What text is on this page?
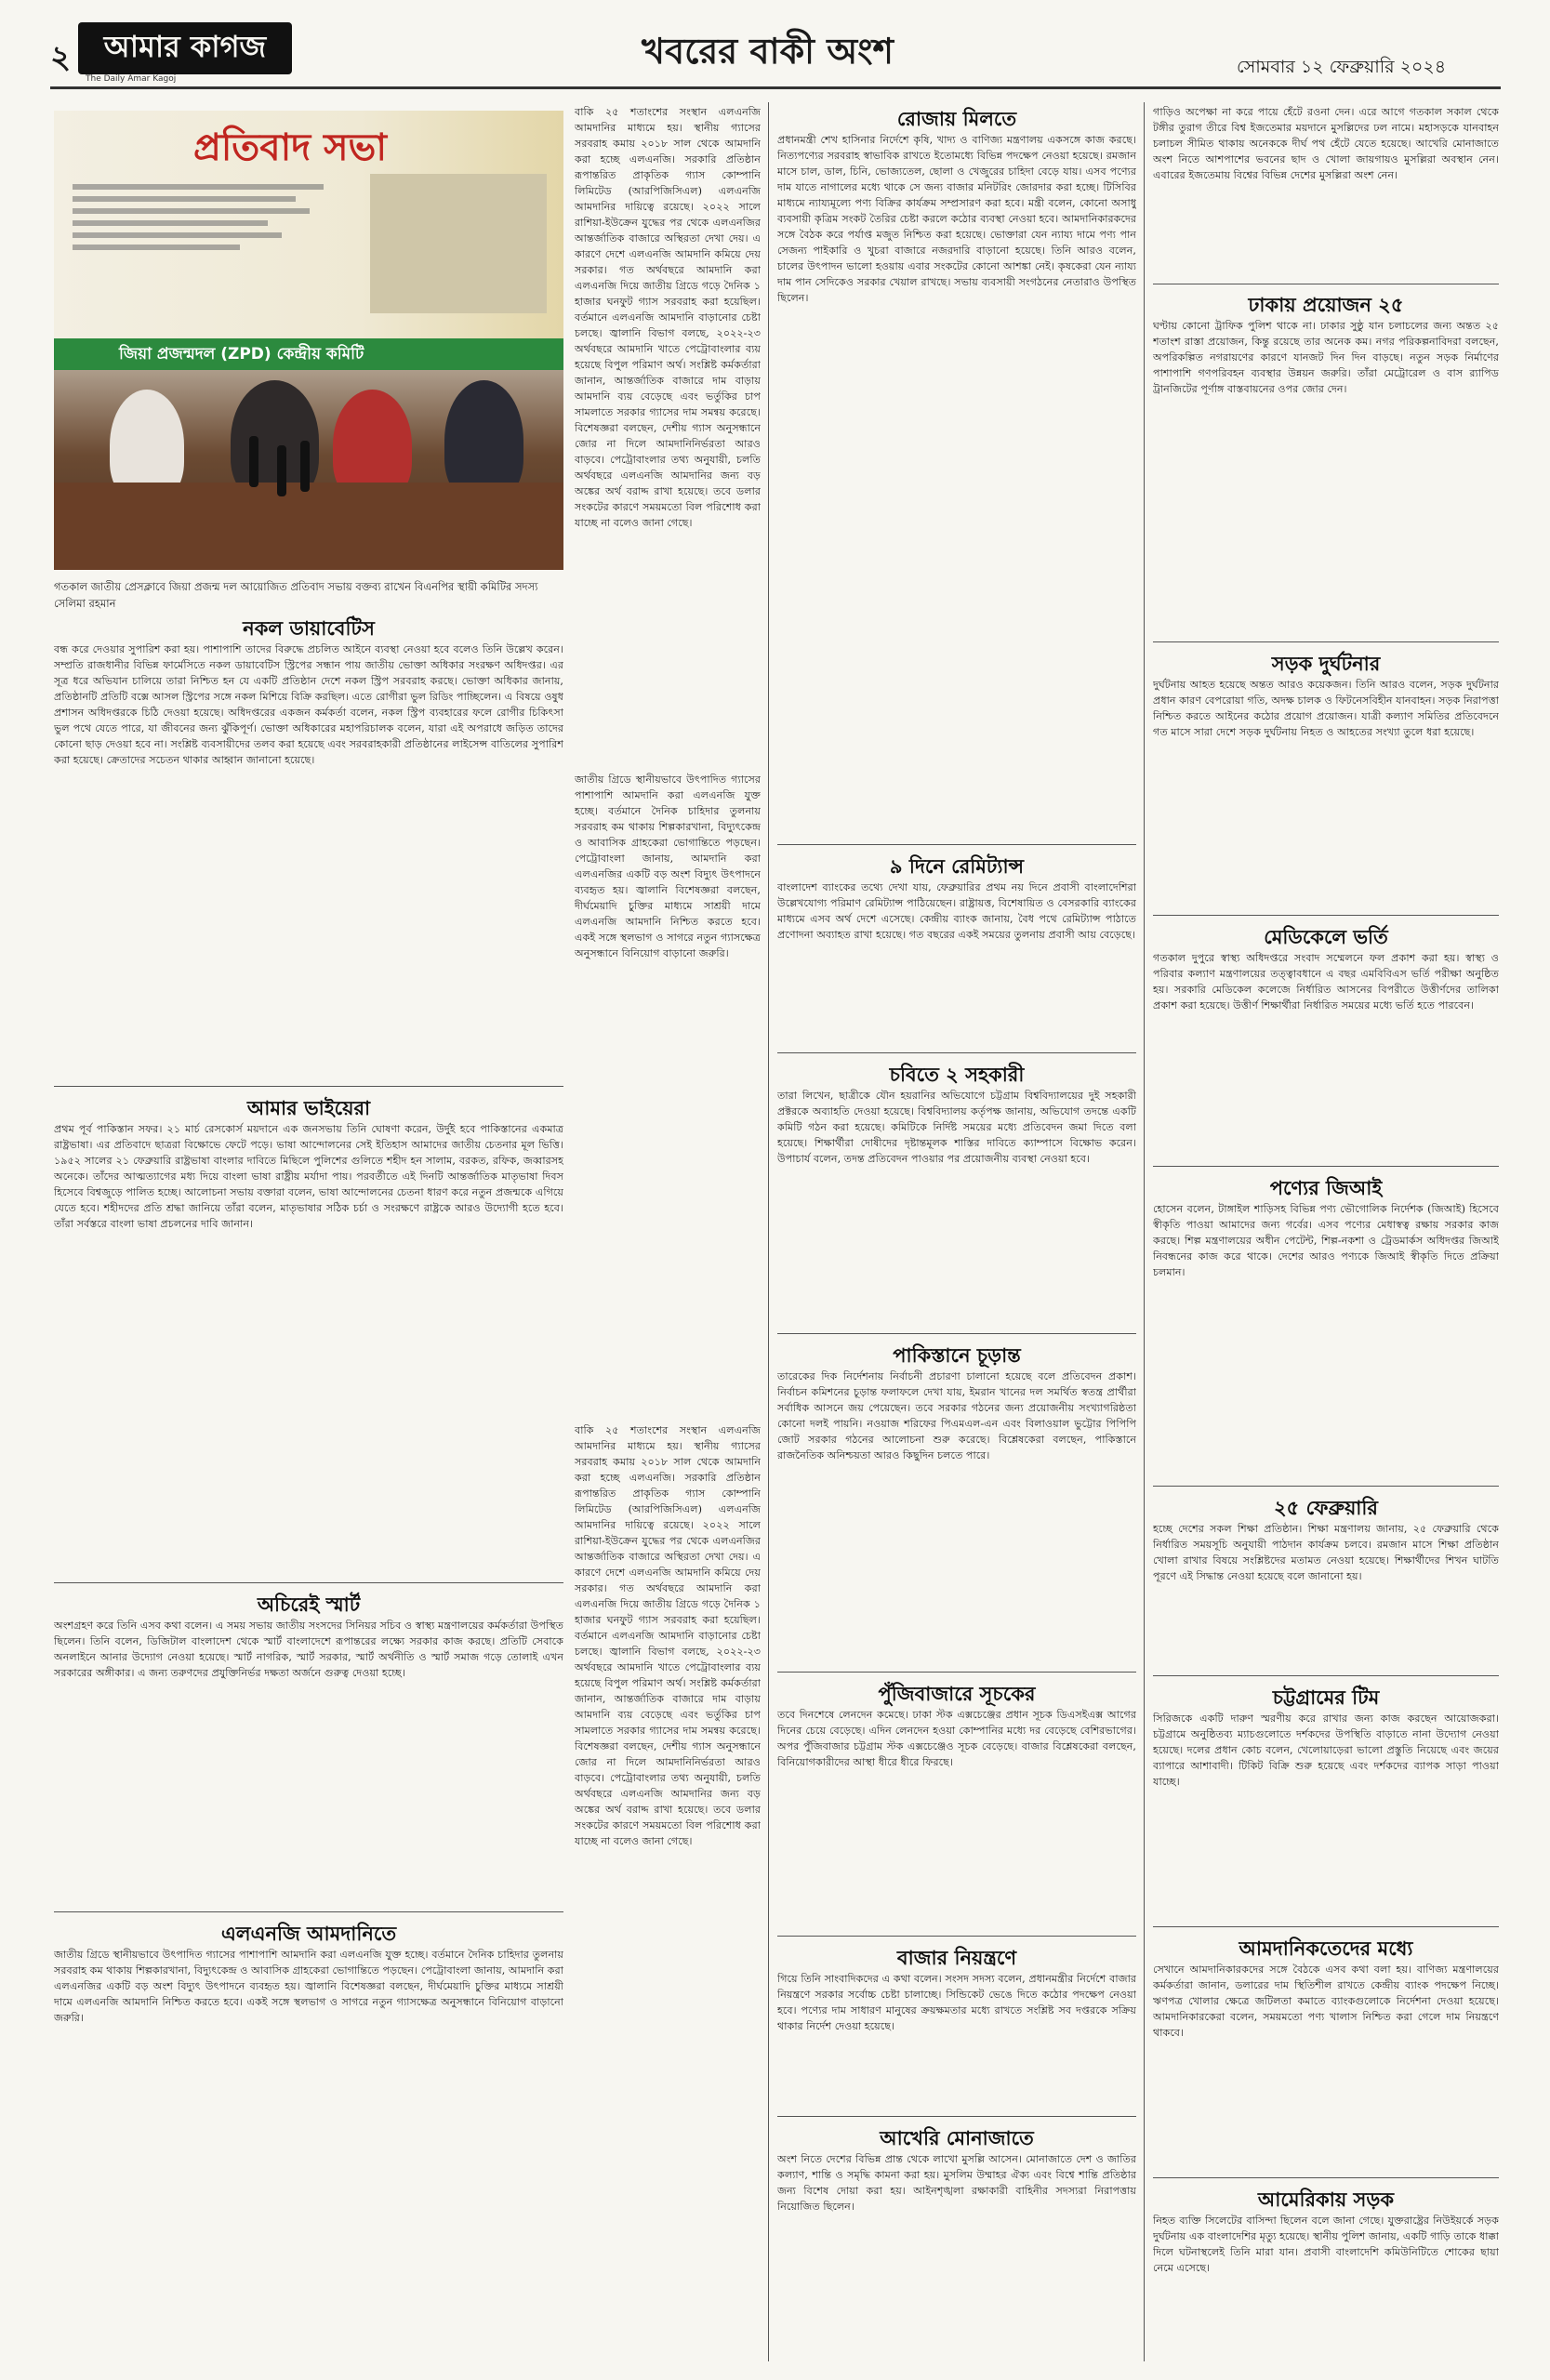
২	আমার কাগজ
The Daily Amar Kagoj
খবরের বাকী অংশ	সোমবার ১২ ফেব্রুয়ারি ২০২৪
প্রতিবাদ সভা
জিয়া প্রজন্মদল (ZPD) কেন্দ্রীয় কমিটি
গতকাল জাতীয় প্রেসক্লাবে জিয়া প্রজন্ম দল আয়োজিত প্রতিবাদ সভায় বক্তব্য রাখেন বিএনপির স্থায়ী কমিটির সদস্য সেলিমা রহমান
বাকি ২৫ শতাংশের সংস্থান এলএনজি আমদানির মাধ্যমে হয়। স্থানীয় গ্যাসের সরবরাহ কমায় ২০১৮ সাল থেকে আমদানি করা হচ্ছে এলএনজি। সরকারি প্রতিষ্ঠান রূপান্তরিত প্রাকৃতিক গ্যাস কোম্পানি লিমিটেড (আরপিজিসিএল) এলএনজি আমদানির দায়িত্বে রয়েছে। ২০২২ সালে রাশিয়া-ইউক্রেন যুদ্ধের পর থেকে এলএনজির আন্তর্জাতিক বাজারে অস্থিরতা দেখা দেয়। এ কারণে দেশে এলএনজি আমদানি কমিয়ে দেয় সরকার। গত অর্থবছরে আমদানি করা এলএনজি দিয়ে জাতীয় গ্রিডে গড়ে দৈনিক ১ হাজার ঘনফুট গ্যাস সরবরাহ করা হয়েছিল। বর্তমানে এলএনজি আমদানি বাড়ানোর চেষ্টা চলছে। জ্বালানি বিভাগ বলছে, ২০২২-২৩ অর্থবছরে আমদানি খাতে পেট্রোবাংলার ব্যয় হয়েছে বিপুল পরিমাণ অর্থ। সংশ্লিষ্ট কর্মকর্তারা জানান, আন্তর্জাতিক বাজারে দাম বাড়ায় আমদানি ব্যয় বেড়েছে এবং ভর্তুকির চাপ সামলাতে সরকার গ্যাসের দাম সমন্বয় করেছে। বিশেষজ্ঞরা বলছেন, দেশীয় গ্যাস অনুসন্ধানে জোর না দিলে আমদানিনির্ভরতা আরও বাড়বে। পেট্রোবাংলার তথ্য অনুযায়ী, চলতি অর্থবছরে এলএনজি আমদানির জন্য বড় অঙ্কের অর্থ বরাদ্দ রাখা হয়েছে। তবে ডলার সংকটের কারণে সময়মতো বিল পরিশোধ করা যাচ্ছে না বলেও জানা গেছে।
নকল ডায়াবেটিস
বন্ধ করে দেওয়ার সুপারিশ করা হয়। পাশাপাশি তাদের বিরুদ্ধে প্রচলিত আইনে ব্যবস্থা নেওয়া হবে বলেও তিনি উল্লেখ করেন। সম্প্রতি রাজধানীর বিভিন্ন ফার্মেসিতে নকল ডায়াবেটিস স্ট্রিপের সন্ধান পায় জাতীয় ভোক্তা অধিকার সংরক্ষণ অধিদপ্তর। এর সূত্র ধরে অভিযান চালিয়ে তারা নিশ্চিত হন যে একটি প্রতিষ্ঠান দেশে নকল স্ট্রিপ সরবরাহ করছে। ভোক্তা অধিকার জানায়, প্রতিষ্ঠানটি প্রতিটি বক্সে আসল স্ট্রিপের সঙ্গে নকল মিশিয়ে বিক্রি করছিল। এতে রোগীরা ভুল রিডিং পাচ্ছিলেন। এ বিষয়ে ওষুধ প্রশাসন অধিদপ্তরকে চিঠি দেওয়া হয়েছে। অধিদপ্তরের একজন কর্মকর্তা বলেন, নকল স্ট্রিপ ব্যবহারের ফলে রোগীর চিকিৎসা ভুল পথে যেতে পারে, যা জীবনের জন্য ঝুঁকিপূর্ণ। ভোক্তা অধিকারের মহাপরিচালক বলেন, যারা এই অপরাধে জড়িত তাদের কোনো ছাড় দেওয়া হবে না। সংশ্লিষ্ট ব্যবসায়ীদের তলব করা হয়েছে এবং সরবরাহকারী প্রতিষ্ঠানের লাইসেন্স বাতিলের সুপারিশ করা হয়েছে। ক্রেতাদের সচেতন থাকার আহ্বান জানানো হয়েছে।
জাতীয় গ্রিডে স্থানীয়ভাবে উৎপাদিত গ্যাসের পাশাপাশি আমদানি করা এলএনজি যুক্ত হচ্ছে। বর্তমানে দৈনিক চাহিদার তুলনায় সরবরাহ কম থাকায় শিল্পকারখানা, বিদ্যুৎকেন্দ্র ও আবাসিক গ্রাহকেরা ভোগান্তিতে পড়ছেন। পেট্রোবাংলা জানায়, আমদানি করা এলএনজির একটি বড় অংশ বিদ্যুৎ উৎপাদনে ব্যবহৃত হয়। জ্বালানি বিশেষজ্ঞরা বলছেন, দীর্ঘমেয়াদি চুক্তির মাধ্যমে সাশ্রয়ী দামে এলএনজি আমদানি নিশ্চিত করতে হবে। একই সঙ্গে স্থলভাগ ও সাগরে নতুন গ্যাসক্ষেত্র অনুসন্ধানে বিনিয়োগ বাড়ানো জরুরি।
আমার ভাইয়েরা
প্রথম পূর্ব পাকিস্তান সফর। ২১ মার্চ রেসকোর্স ময়দানে এক জনসভায় তিনি ঘোষণা করেন, উর্দুই হবে পাকিস্তানের একমাত্র রাষ্ট্রভাষা। এর প্রতিবাদে ছাত্ররা বিক্ষোভে ফেটে পড়ে। ভাষা আন্দোলনের সেই ইতিহাস আমাদের জাতীয় চেতনার মূল ভিত্তি। ১৯৫২ সালের ২১ ফেব্রুয়ারি রাষ্ট্রভাষা বাংলার দাবিতে মিছিলে পুলিশের গুলিতে শহীদ হন সালাম, বরকত, রফিক, জব্বারসহ অনেকে। তাঁদের আত্মত্যাগের মধ্য দিয়ে বাংলা ভাষা রাষ্ট্রীয় মর্যাদা পায়। পরবর্তীতে এই দিনটি আন্তর্জাতিক মাতৃভাষা দিবস হিসেবে বিশ্বজুড়ে পালিত হচ্ছে। আলোচনা সভায় বক্তারা বলেন, ভাষা আন্দোলনের চেতনা ধারণ করে নতুন প্রজন্মকে এগিয়ে যেতে হবে। শহীদদের প্রতি শ্রদ্ধা জানিয়ে তাঁরা বলেন, মাতৃভাষার সঠিক চর্চা ও সংরক্ষণে রাষ্ট্রকে আরও উদ্যোগী হতে হবে। তাঁরা সর্বস্তরে বাংলা ভাষা প্রচলনের দাবি জানান।
অচিরেই স্মার্ট
অংশগ্রহণ করে তিনি এসব কথা বলেন। এ সময় সভায় জাতীয় সংসদের সিনিয়র সচিব ও স্বাস্থ্য মন্ত্রণালয়ের কর্মকর্তারা উপস্থিত ছিলেন। তিনি বলেন, ডিজিটাল বাংলাদেশ থেকে স্মার্ট বাংলাদেশে রূপান্তরের লক্ষ্যে সরকার কাজ করছে। প্রতিটি সেবাকে অনলাইনে আনার উদ্যোগ নেওয়া হয়েছে। স্মার্ট নাগরিক, স্মার্ট সরকার, স্মার্ট অর্থনীতি ও স্মার্ট সমাজ গড়ে তোলাই এখন সরকারের অঙ্গীকার। এ জন্য তরুণদের প্রযুক্তিনির্ভর দক্ষতা অর্জনে গুরুত্ব দেওয়া হচ্ছে।
এলএনজি আমদানিতে
জাতীয় গ্রিডে স্থানীয়ভাবে উৎপাদিত গ্যাসের পাশাপাশি আমদানি করা এলএনজি যুক্ত হচ্ছে। বর্তমানে দৈনিক চাহিদার তুলনায় সরবরাহ কম থাকায় শিল্পকারখানা, বিদ্যুৎকেন্দ্র ও আবাসিক গ্রাহকেরা ভোগান্তিতে পড়ছেন। পেট্রোবাংলা জানায়, আমদানি করা এলএনজির একটি বড় অংশ বিদ্যুৎ উৎপাদনে ব্যবহৃত হয়। জ্বালানি বিশেষজ্ঞরা বলছেন, দীর্ঘমেয়াদি চুক্তির মাধ্যমে সাশ্রয়ী দামে এলএনজি আমদানি নিশ্চিত করতে হবে। একই সঙ্গে স্থলভাগ ও সাগরে নতুন গ্যাসক্ষেত্র অনুসন্ধানে বিনিয়োগ বাড়ানো জরুরি।
বাকি ২৫ শতাংশের সংস্থান এলএনজি আমদানির মাধ্যমে হয়। স্থানীয় গ্যাসের সরবরাহ কমায় ২০১৮ সাল থেকে আমদানি করা হচ্ছে এলএনজি। সরকারি প্রতিষ্ঠান রূপান্তরিত প্রাকৃতিক গ্যাস কোম্পানি লিমিটেড (আরপিজিসিএল) এলএনজি আমদানির দায়িত্বে রয়েছে। ২০২২ সালে রাশিয়া-ইউক্রেন যুদ্ধের পর থেকে এলএনজির আন্তর্জাতিক বাজারে অস্থিরতা দেখা দেয়। এ কারণে দেশে এলএনজি আমদানি কমিয়ে দেয় সরকার। গত অর্থবছরে আমদানি করা এলএনজি দিয়ে জাতীয় গ্রিডে গড়ে দৈনিক ১ হাজার ঘনফুট গ্যাস সরবরাহ করা হয়েছিল। বর্তমানে এলএনজি আমদানি বাড়ানোর চেষ্টা চলছে। জ্বালানি বিভাগ বলছে, ২০২২-২৩ অর্থবছরে আমদানি খাতে পেট্রোবাংলার ব্যয় হয়েছে বিপুল পরিমাণ অর্থ। সংশ্লিষ্ট কর্মকর্তারা জানান, আন্তর্জাতিক বাজারে দাম বাড়ায় আমদানি ব্যয় বেড়েছে এবং ভর্তুকির চাপ সামলাতে সরকার গ্যাসের দাম সমন্বয় করেছে। বিশেষজ্ঞরা বলছেন, দেশীয় গ্যাস অনুসন্ধানে জোর না দিলে আমদানিনির্ভরতা আরও বাড়বে। পেট্রোবাংলার তথ্য অনুযায়ী, চলতি অর্থবছরে এলএনজি আমদানির জন্য বড় অঙ্কের অর্থ বরাদ্দ রাখা হয়েছে। তবে ডলার সংকটের কারণে সময়মতো বিল পরিশোধ করা যাচ্ছে না বলেও জানা গেছে।
রোজায় মিলতে
প্রধানমন্ত্রী শেখ হাসিনার নির্দেশে কৃষি, খাদ্য ও বাণিজ্য মন্ত্রণালয় একসঙ্গে কাজ করছে। নিত্যপণ্যের সরবরাহ স্বাভাবিক রাখতে ইতোমধ্যে বিভিন্ন পদক্ষেপ নেওয়া হয়েছে। রমজান মাসে চাল, ডাল, চিনি, ভোজ্যতেল, ছোলা ও খেজুরের চাহিদা বেড়ে যায়। এসব পণ্যের দাম যাতে নাগালের মধ্যে থাকে সে জন্য বাজার মনিটরিং জোরদার করা হচ্ছে। টিসিবির মাধ্যমে ন্যায্যমূল্যে পণ্য বিক্রির কার্যক্রম সম্প্রসারণ করা হবে। মন্ত্রী বলেন, কোনো অসাধু ব্যবসায়ী কৃত্রিম সংকট তৈরির চেষ্টা করলে কঠোর ব্যবস্থা নেওয়া হবে। আমদানিকারকদের সঙ্গে বৈঠক করে পর্যাপ্ত মজুত নিশ্চিত করা হয়েছে। ভোক্তারা যেন ন্যায্য দামে পণ্য পান সেজন্য পাইকারি ও খুচরা বাজারে নজরদারি বাড়ানো হয়েছে। তিনি আরও বলেন, চালের উৎপাদন ভালো হওয়ায় এবার সংকটের কোনো আশঙ্কা নেই। কৃষকেরা যেন ন্যায্য দাম পান সেদিকেও সরকার খেয়াল রাখছে। সভায় ব্যবসায়ী সংগঠনের নেতারাও উপস্থিত ছিলেন।
৯ দিনে রেমিট্যান্স
বাংলাদেশ ব্যাংকের তথ্যে দেখা যায়, ফেব্রুয়ারির প্রথম নয় দিনে প্রবাসী বাংলাদেশিরা উল্লেখযোগ্য পরিমাণ রেমিট্যান্স পাঠিয়েছেন। রাষ্ট্রায়ত্ত, বিশেষায়িত ও বেসরকারি ব্যাংকের মাধ্যমে এসব অর্থ দেশে এসেছে। কেন্দ্রীয় ব্যাংক জানায়, বৈধ পথে রেমিট্যান্স পাঠাতে প্রণোদনা অব্যাহত রাখা হয়েছে। গত বছরের একই সময়ের তুলনায় প্রবাসী আয় বেড়েছে।
চবিতে ২ সহকারী
তারা লিখেন, ছাত্রীকে যৌন হয়রানির অভিযোগে চট্টগ্রাম বিশ্ববিদ্যালয়ের দুই সহকারী প্রক্টরকে অব্যাহতি দেওয়া হয়েছে। বিশ্ববিদ্যালয় কর্তৃপক্ষ জানায়, অভিযোগ তদন্তে একটি কমিটি গঠন করা হয়েছে। কমিটিকে নির্দিষ্ট সময়ের মধ্যে প্রতিবেদন জমা দিতে বলা হয়েছে। শিক্ষার্থীরা দোষীদের দৃষ্টান্তমূলক শাস্তির দাবিতে ক্যাম্পাসে বিক্ষোভ করেন। উপাচার্য বলেন, তদন্ত প্রতিবেদন পাওয়ার পর প্রয়োজনীয় ব্যবস্থা নেওয়া হবে।
পাকিস্তানে চূড়ান্ত
তারেকের দিক নির্দেশনায় নির্বাচনী প্রচারণা চালানো হয়েছে বলে প্রতিবেদন প্রকাশ। নির্বাচন কমিশনের চূড়ান্ত ফলাফলে দেখা যায়, ইমরান খানের দল সমর্থিত স্বতন্ত্র প্রার্থীরা সর্বাধিক আসনে জয় পেয়েছেন। তবে সরকার গঠনের জন্য প্রয়োজনীয় সংখ্যাগরিষ্ঠতা কোনো দলই পায়নি। নওয়াজ শরিফের পিএমএল-এন এবং বিলাওয়াল ভুট্টোর পিপিপি জোট সরকার গঠনের আলোচনা শুরু করেছে। বিশ্লেষকেরা বলছেন, পাকিস্তানে রাজনৈতিক অনিশ্চয়তা আরও কিছুদিন চলতে পারে।
পুঁজিবাজারে সূচকের
তবে দিনশেষে লেনদেন কমেছে। ঢাকা স্টক এক্সচেঞ্জের প্রধান সূচক ডিএসইএক্স আগের দিনের চেয়ে বেড়েছে। এদিন লেনদেন হওয়া কোম্পানির মধ্যে দর বেড়েছে বেশিরভাগের। অপর পুঁজিবাজার চট্টগ্রাম স্টক এক্সচেঞ্জেও সূচক বেড়েছে। বাজার বিশ্লেষকেরা বলছেন, বিনিয়োগকারীদের আস্থা ধীরে ধীরে ফিরছে।
বাজার নিয়ন্ত্রণে
গিয়ে তিনি সাংবাদিকদের এ কথা বলেন। সংসদ সদস্য বলেন, প্রধানমন্ত্রীর নির্দেশে বাজার নিয়ন্ত্রণে সরকার সর্বোচ্চ চেষ্টা চালাচ্ছে। সিন্ডিকেট ভেঙে দিতে কঠোর পদক্ষেপ নেওয়া হবে। পণ্যের দাম সাধারণ মানুষের ক্রয়ক্ষমতার মধ্যে রাখতে সংশ্লিষ্ট সব দপ্তরকে সক্রিয় থাকার নির্দেশ দেওয়া হয়েছে।
আখেরি মোনাজাতে
অংশ নিতে দেশের বিভিন্ন প্রান্ত থেকে লাখো মুসল্লি আসেন। মোনাজাতে দেশ ও জাতির কল্যাণ, শান্তি ও সমৃদ্ধি কামনা করা হয়। মুসলিম উম্মাহর ঐক্য এবং বিশ্বে শান্তি প্রতিষ্ঠার জন্য বিশেষ দোয়া করা হয়। আইনশৃঙ্খলা রক্ষাকারী বাহিনীর সদস্যরা নিরাপত্তায় নিয়োজিত ছিলেন।
গাড়িও অপেক্ষা না করে পায়ে হেঁটে রওনা দেন। এরে আগে গতকাল সকাল থেকে টঙ্গীর তুরাগ তীরে বিশ্ব ইজতেমার ময়দানে মুসল্লিদের ঢল নামে। মহাসড়কে যানবাহন চলাচল সীমিত থাকায় অনেককে দীর্ঘ পথ হেঁটে যেতে হয়েছে। আখেরি মোনাজাতে অংশ নিতে আশপাশের ভবনের ছাদ ও খোলা জায়গায়ও মুসল্লিরা অবস্থান নেন। এবারের ইজতেমায় বিশ্বের বিভিন্ন দেশের মুসল্লিরা অংশ নেন।
ঢাকায় প্রয়োজন ২৫
ঘণ্টায় কোনো ট্রাফিক পুলিশ থাকে না। ঢাকার সুষ্ঠু যান চলাচলের জন্য অন্তত ২৫ শতাংশ রাস্তা প্রয়োজন, কিন্তু রয়েছে তার অনেক কম। নগর পরিকল্পনাবিদরা বলছেন, অপরিকল্পিত নগরায়ণের কারণে যানজট দিন দিন বাড়ছে। নতুন সড়ক নির্মাণের পাশাপাশি গণপরিবহন ব্যবস্থার উন্নয়ন জরুরি। তাঁরা মেট্রোরেল ও বাস র‌্যাপিড ট্রানজিটের পূর্ণাঙ্গ বাস্তবায়নের ওপর জোর দেন।
সড়ক দুর্ঘটনার
দুর্ঘটনায় আহত হয়েছে অন্তত আরও কয়েকজন। তিনি আরও বলেন, সড়ক দুর্ঘটনার প্রধান কারণ বেপরোয়া গতি, অদক্ষ চালক ও ফিটনেসবিহীন যানবাহন। সড়ক নিরাপত্তা নিশ্চিত করতে আইনের কঠোর প্রয়োগ প্রয়োজন। যাত্রী কল্যাণ সমিতির প্রতিবেদনে গত মাসে সারা দেশে সড়ক দুর্ঘটনায় নিহত ও আহতের সংখ্যা তুলে ধরা হয়েছে।
মেডিকেলে ভর্তি
গতকাল দুপুরে স্বাস্থ্য অধিদপ্তরে সংবাদ সম্মেলনে ফল প্রকাশ করা হয়। স্বাস্থ্য ও পরিবার কল্যাণ মন্ত্রণালয়ের তত্ত্বাবধানে এ বছর এমবিবিএস ভর্তি পরীক্ষা অনুষ্ঠিত হয়। সরকারি মেডিকেল কলেজে নির্ধারিত আসনের বিপরীতে উত্তীর্ণদের তালিকা প্রকাশ করা হয়েছে। উত্তীর্ণ শিক্ষার্থীরা নির্ধারিত সময়ের মধ্যে ভর্তি হতে পারবেন।
পণ্যের জিআই
হোসেন বলেন, টাঙ্গাইল শাড়িসহ বিভিন্ন পণ্য ভৌগোলিক নির্দেশক (জিআই) হিসেবে স্বীকৃতি পাওয়া আমাদের জন্য গর্বের। এসব পণ্যের মেধাস্বত্ব রক্ষায় সরকার কাজ করছে। শিল্প মন্ত্রণালয়ের অধীন পেটেন্ট, শিল্প-নকশা ও ট্রেডমার্কস অধিদপ্তর জিআই নিবন্ধনের কাজ করে থাকে। দেশের আরও পণ্যকে জিআই স্বীকৃতি দিতে প্রক্রিয়া চলমান।
২৫ ফেব্রুয়ারি
হচ্ছে দেশের সকল শিক্ষা প্রতিষ্ঠান। শিক্ষা মন্ত্রণালয় জানায়, ২৫ ফেব্রুয়ারি থেকে নির্ধারিত সময়সূচি অনুযায়ী পাঠদান কার্যক্রম চলবে। রমজান মাসে শিক্ষা প্রতিষ্ঠান খোলা রাখার বিষয়ে সংশ্লিষ্টদের মতামত নেওয়া হয়েছে। শিক্ষার্থীদের শিখন ঘাটতি পূরণে এই সিদ্ধান্ত নেওয়া হয়েছে বলে জানানো হয়।
চট্টগ্রামের টিম
সিরিজকে একটি দারুণ স্মরণীয় করে রাখার জন্য কাজ করছেন আয়োজকরা। চট্টগ্রামে অনুষ্ঠিতব্য ম্যাচগুলোতে দর্শকদের উপস্থিতি বাড়াতে নানা উদ্যোগ নেওয়া হয়েছে। দলের প্রধান কোচ বলেন, খেলোয়াড়েরা ভালো প্রস্তুতি নিয়েছে এবং জয়ের ব্যাপারে আশাবাদী। টিকিট বিক্রি শুরু হয়েছে এবং দর্শকদের ব্যাপক সাড়া পাওয়া যাচ্ছে।
আমদানিকতেদের মধ্যে
সেখানে আমদানিকারকদের সঙ্গে বৈঠকে এসব কথা বলা হয়। বাণিজ্য মন্ত্রণালয়ের কর্মকর্তারা জানান, ডলারের দাম স্থিতিশীল রাখতে কেন্দ্রীয় ব্যাংক পদক্ষেপ নিচ্ছে। ঋণপত্র খোলার ক্ষেত্রে জটিলতা কমাতে ব্যাংকগুলোকে নির্দেশনা দেওয়া হয়েছে। আমদানিকারকেরা বলেন, সময়মতো পণ্য খালাস নিশ্চিত করা গেলে দাম নিয়ন্ত্রণে থাকবে।
আমেরিকায় সড়ক
নিহত ব্যক্তি সিলেটের বাসিন্দা ছিলেন বলে জানা গেছে। যুক্তরাষ্ট্রের নিউইয়র্কে সড়ক দুর্ঘটনায় এক বাংলাদেশির মৃত্যু হয়েছে। স্থানীয় পুলিশ জানায়, একটি গাড়ি তাকে ধাক্কা দিলে ঘটনাস্থলেই তিনি মারা যান। প্রবাসী বাংলাদেশি কমিউনিটিতে শোকের ছায়া নেমে এসেছে।
